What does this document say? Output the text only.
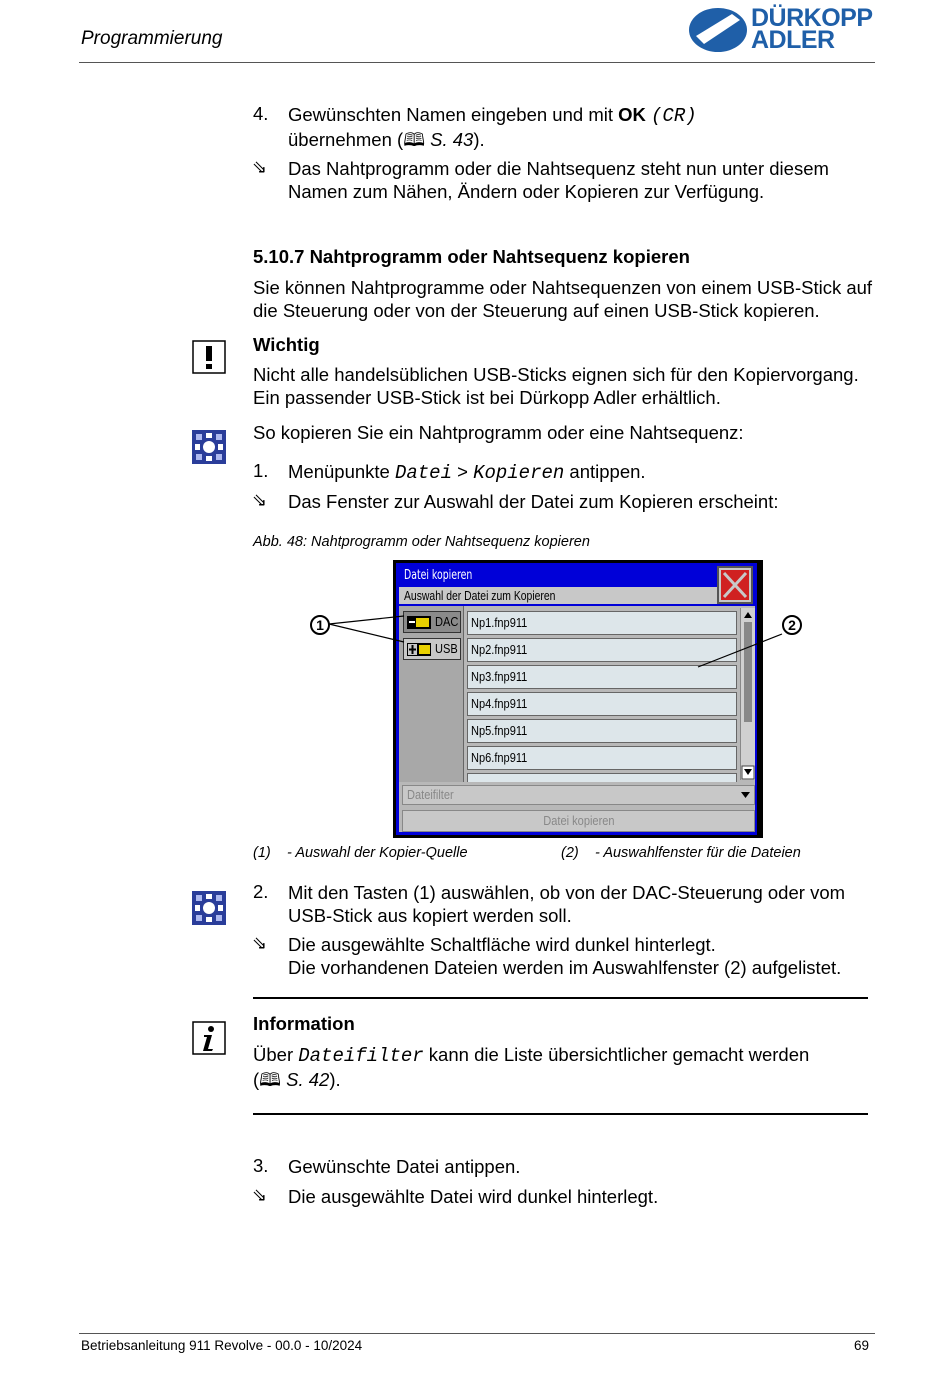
Programmierung
DÜRKOPP
ADLER
4. Gewünschten Namen eingeben und mit OK (CR)
übernehmen (🕮 S. 43).
⇘ Das Nahtprogramm oder die Nahtsequenz steht nun unter diesem Namen zum Nähen, Ändern oder Kopieren zur Verfügung.
5.10.7 Nahtprogramm oder Nahtsequenz kopieren
Sie können Nahtprogramme oder Nahtsequenzen von einem USB-Stick auf die Steuerung oder von der Steuerung auf einen USB-Stick kopieren.
Wichtig
Nicht alle handelsüblichen USB-Sticks eignen sich für den Kopiervorgang. Ein passender USB-Stick ist bei Dürkopp Adler erhältlich.
So kopieren Sie ein Nahtprogramm oder eine Nahtsequenz:
1. Menüpunkte Datei > Kopieren antippen.
⇘ Das Fenster zur Auswahl der Datei zum Kopieren erscheint:
Abb. 48: Nahtprogramm oder Nahtsequenz kopieren
Datei kopieren
Auswahl der Datei zum Kopieren
DAC
USB
Np1.fnp911
Np2.fnp911
Np3.fnp911
Np4.fnp911
Np5.fnp911
Np6.fnp911
Dateifilter
Datei kopieren
1	2
(1) - Auswahl der Kopier-Quelle	(2) - Auswahlfenster für die Dateien
2. Mit den Tasten (1) auswählen, ob von der DAC-Steuerung oder vom USB-Stick aus kopiert werden soll.
⇘ Die ausgewählte Schaltfläche wird dunkel hinterlegt.
Die vorhandenen Dateien werden im Auswahlfenster (2) aufgelistet.
Information
Über Dateifilter kann die Liste übersichtlicher gemacht werden
(🕮 S. 42).
3. Gewünschte Datei antippen.
⇘ Die ausgewählte Datei wird dunkel hinterlegt.
Betriebsanleitung 911 Revolve - 00.0 - 10/2024	69
